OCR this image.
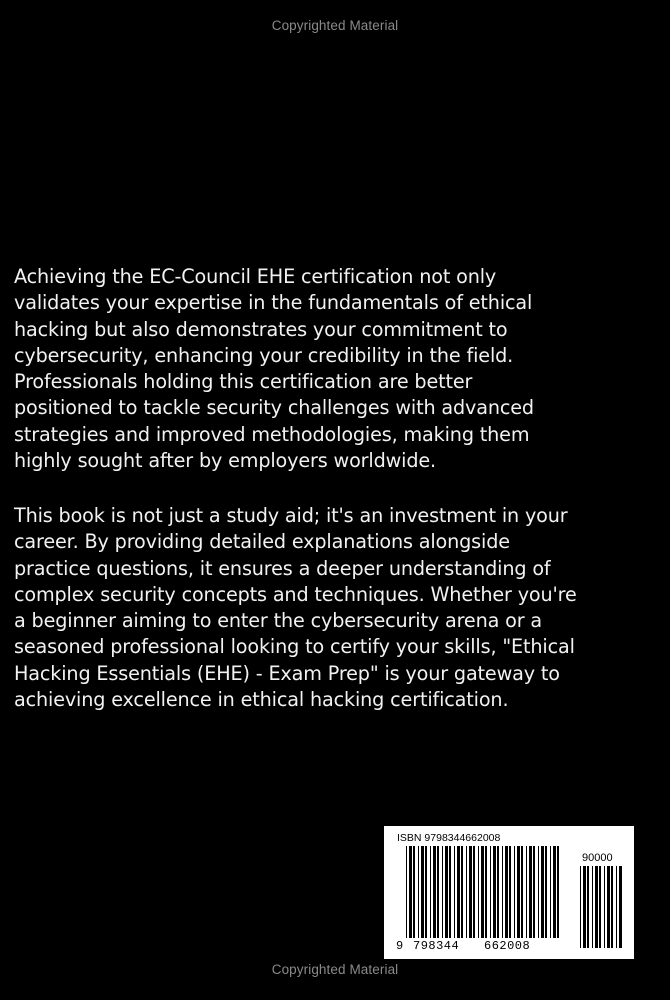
Copyrighted Material

Achieving the EC-Council EHE certification not only
validates your expertise in the fundamentals of ethical
hacking but also demonstrates your commitment to
cybersecurity, enhancing your credibility in the field.
Professionals holding this certification are better
positioned to tackle security challenges with advanced
strategies and improved methodologies, making them
highly sought after by employers worldwide.

This book is not just a study aid; it's an investment in your
career. By providing detailed explanations alongside
practice questions, it ensures a deeper understanding of
complex security concepts and techniques. Whether you're
a beginner aiming to enter the cybersecurity arena or a
seasoned professional looking to certify your skills, "Ethical
Hacking Essentials (EHE) - Exam Prep" is your gateway to
achieving excellence in ethical hacking certification.

ISBN 9798344662008
90000
9 798344 662008
Copyrighted Material
